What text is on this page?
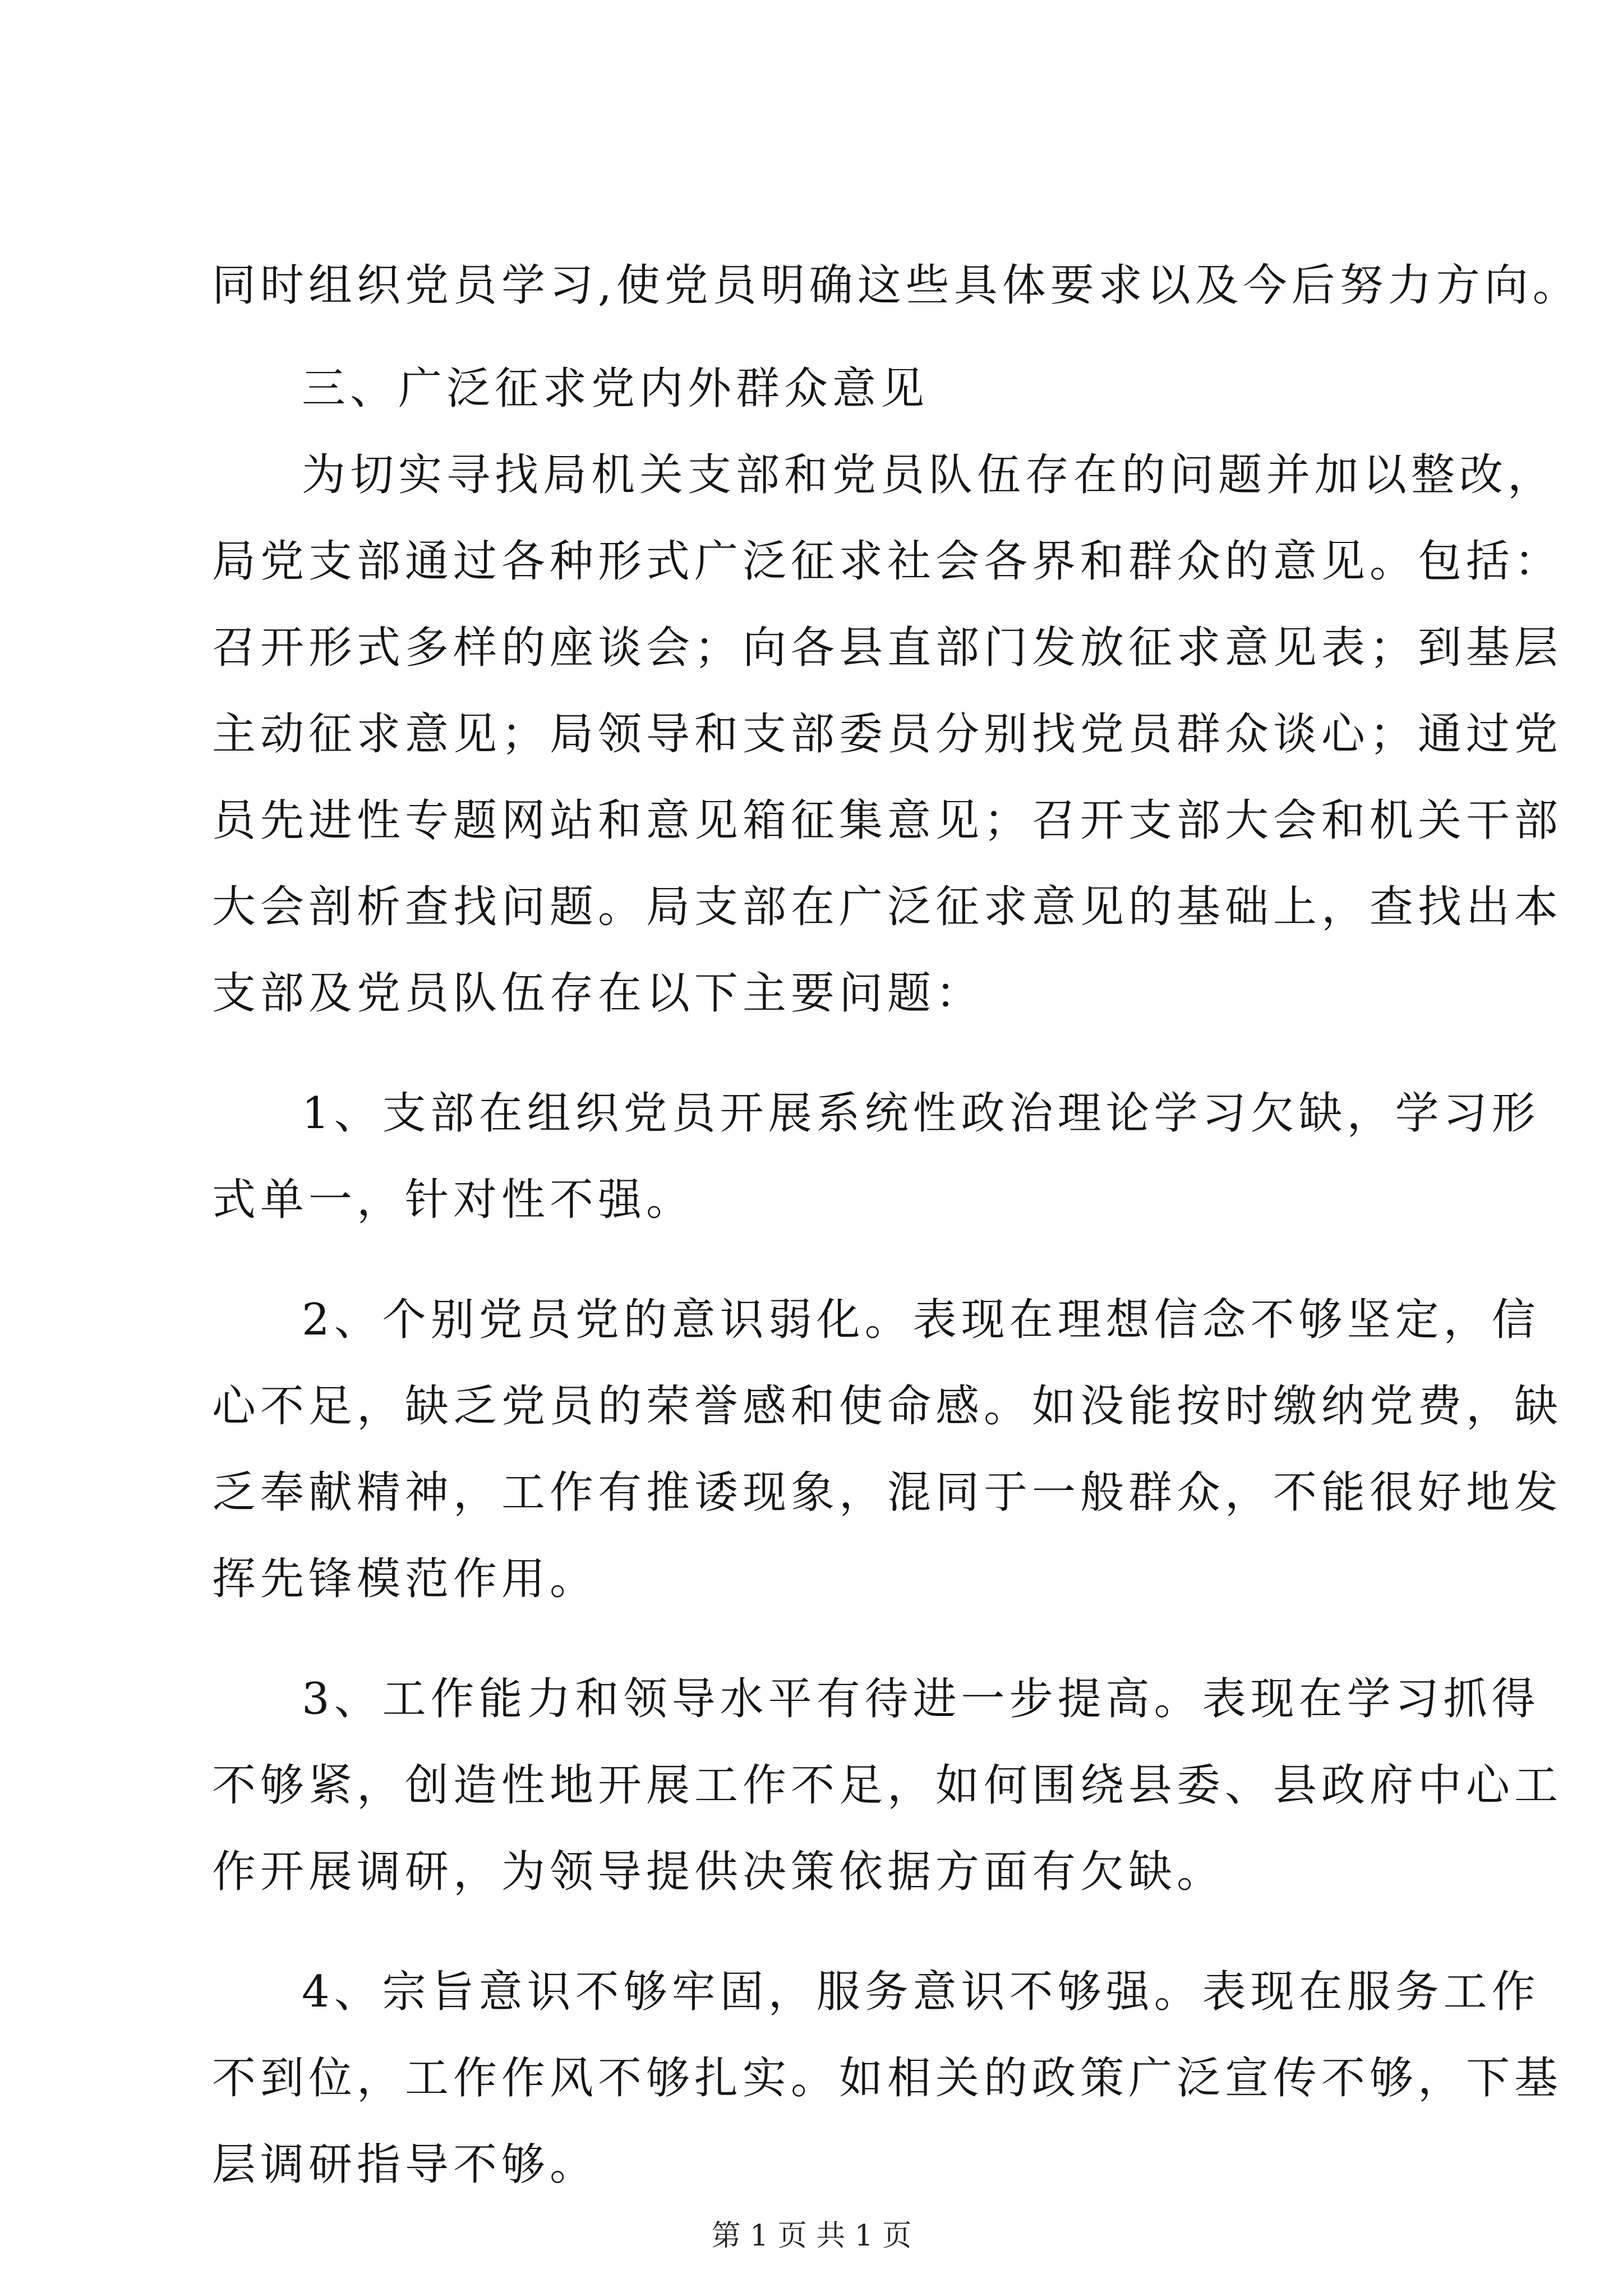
同时组织党员学习,使党员明确这些具体要求以及今后努力方向。
三、广泛征求党内外群众意见
为切实寻找局机关支部和党员队伍存在的问题并加以整改，
局党支部通过各种形式广泛征求社会各界和群众的意见。包括：
召开形式多样的座谈会；向各县直部门发放征求意见表；到基层
主动征求意见；局领导和支部委员分别找党员群众谈心；通过党
员先进性专题网站和意见箱征集意见；召开支部大会和机关干部
大会剖析查找问题。局支部在广泛征求意见的基础上，查找出本
支部及党员队伍存在以下主要问题：
1、支部在组织党员开展系统性政治理论学习欠缺，学习形
式单一，针对性不强。
2、个别党员党的意识弱化。表现在理想信念不够坚定，信
心不足，缺乏党员的荣誉感和使命感。如没能按时缴纳党费，缺
乏奉献精神，工作有推诿现象，混同于一般群众，不能很好地发
挥先锋模范作用。
3、工作能力和领导水平有待进一步提高。表现在学习抓得
不够紧，创造性地开展工作不足，如何围绕县委、县政府中心工
作开展调研，为领导提供决策依据方面有欠缺。
4、宗旨意识不够牢固，服务意识不够强。表现在服务工作
不到位，工作作风不够扎实。如相关的政策广泛宣传不够，下基
层调研指导不够。
第 1 页 共 1 页
